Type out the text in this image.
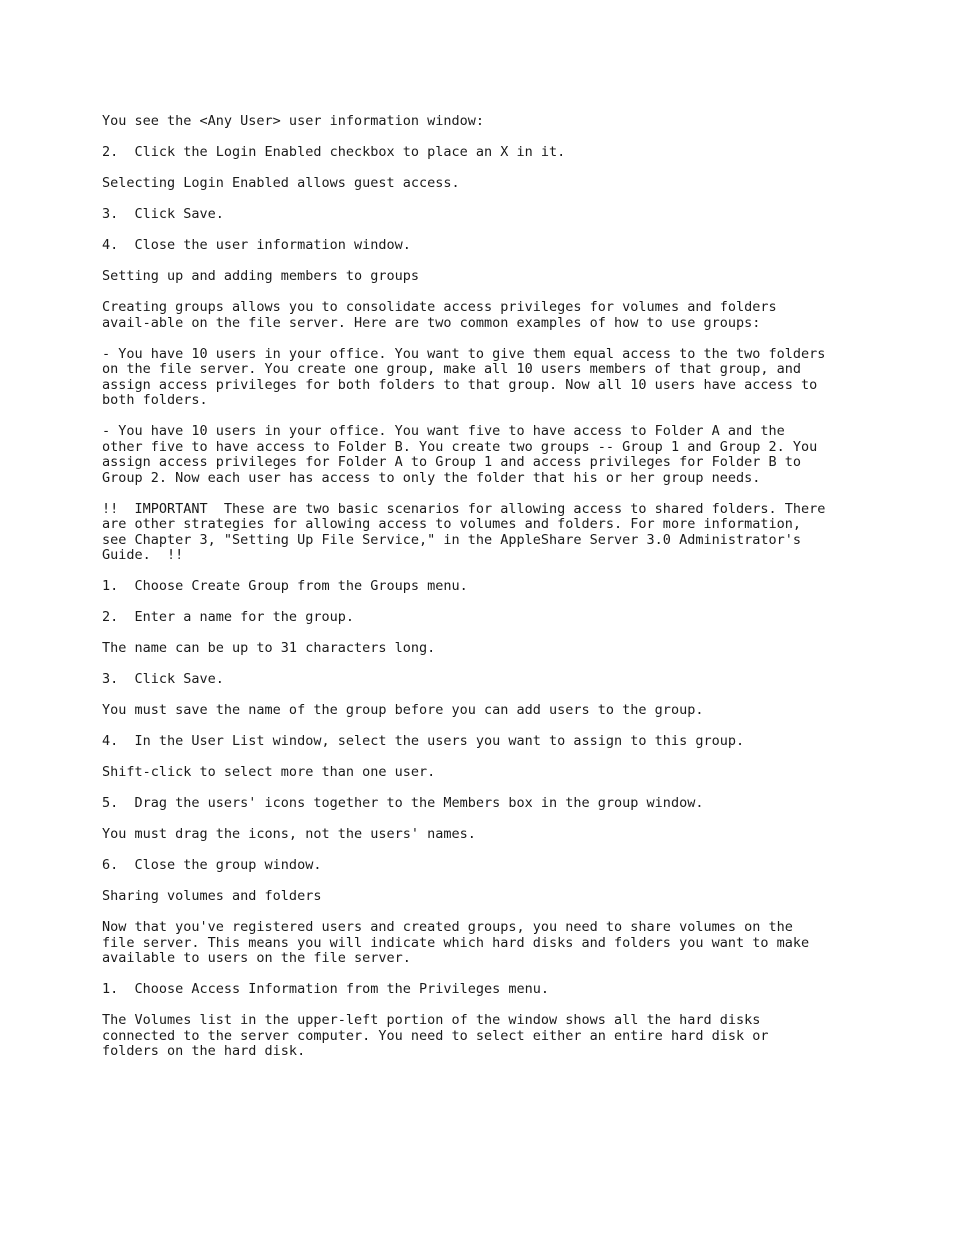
You see the <Any User> user information window:

2.  Click the Login Enabled checkbox to place an X in it.

Selecting Login Enabled allows guest access.

3.  Click Save.

4.  Close the user information window.

Setting up and adding members to groups

Creating groups allows you to consolidate access privileges for volumes and folders
avail-able on the file server. Here are two common examples of how to use groups:

- You have 10 users in your office. You want to give them equal access to the two folders
on the file server. You create one group, make all 10 users members of that group, and
assign access privileges for both folders to that group. Now all 10 users have access to
both folders.

- You have 10 users in your office. You want five to have access to Folder A and the
other five to have access to Folder B. You create two groups -- Group 1 and Group 2. You
assign access privileges for Folder A to Group 1 and access privileges for Folder B to
Group 2. Now each user has access to only the folder that his or her group needs.

!!  IMPORTANT  These are two basic scenarios for allowing access to shared folders. There
are other strategies for allowing access to volumes and folders. For more information,
see Chapter 3, "Setting Up File Service," in the AppleShare Server 3.0 Administrator's
Guide.  !!

1.  Choose Create Group from the Groups menu.

2.  Enter a name for the group.

The name can be up to 31 characters long.

3.  Click Save.

You must save the name of the group before you can add users to the group.

4.  In the User List window, select the users you want to assign to this group.

Shift-click to select more than one user.

5.  Drag the users' icons together to the Members box in the group window.

You must drag the icons, not the users' names.

6.  Close the group window.

Sharing volumes and folders

Now that you've registered users and created groups, you need to share volumes on the
file server. This means you will indicate which hard disks and folders you want to make
available to users on the file server.

1.  Choose Access Information from the Privileges menu.

The Volumes list in the upper-left portion of the window shows all the hard disks
connected to the server computer. You need to select either an entire hard disk or
folders on the hard disk.
